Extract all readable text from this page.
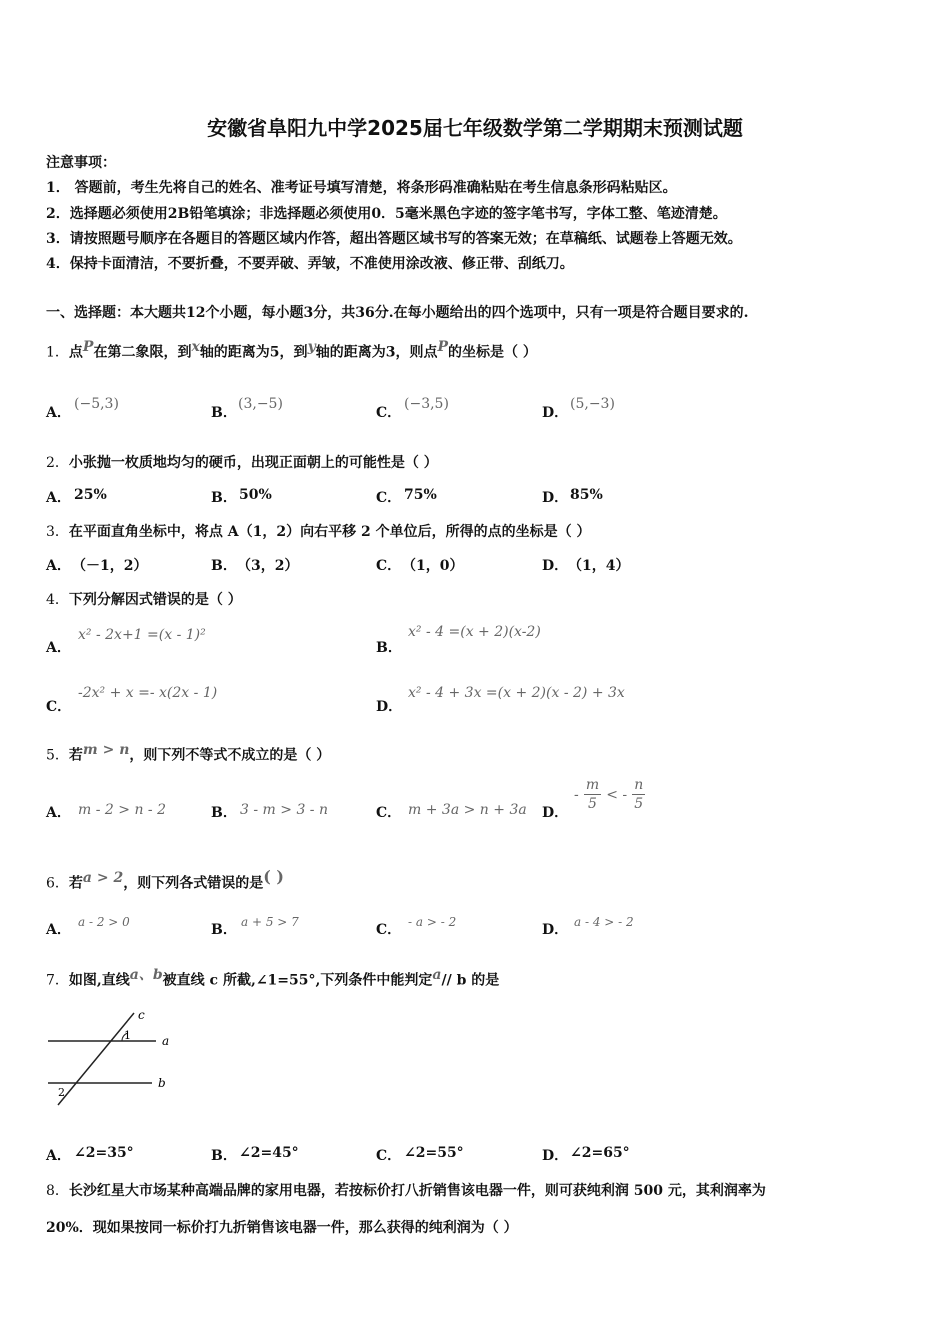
安徽省阜阳九中学2025届七年级数学第二学期期末预测试题
注意事项：
1． 答题前，考生先将自己的姓名、准考证号填写清楚，将条形码准确粘贴在考生信息条形码粘贴区。
2．选择题必须使用2B铅笔填涂；非选择题必须使用0．5毫米黑色字迹的签字笔书写，字体工整、笔迹清楚。
3．请按照题号顺序在各题目的答题区域内作答，超出答题区域书写的答案无效；在草稿纸、试题卷上答题无效。
4．保持卡面清洁，不要折叠，不要弄破、弄皱，不准使用涂改液、修正带、刮纸刀。
一、选择题：本大题共12个小题，每小题3分，共36分.在每小题给出的四个选项中，只有一项是符合题目要求的.
1．点$^P$在第二象限，到$^x$轴的距离为5，到$^y$轴的距离为3，则点$^P$的坐标是（ ）
A．
(−5,3)
B．
(3,−5)
C．
(−3,5)
D．
(5,−3)
2．小张抛一枚质地均匀的硬币，出现正面朝上的可能性是（ ）
A． 25%	B． 50%	C． 75%	D． 85%
3．在平面直角坐标中，将点 A（1，2）向右平移 2 个单位后，所得的点的坐标是（ ）
A． （－1，2）	B． （3，2）	C． （1，0）	D． （1，4）
4．下列分解因式错误的是（ ）
A．
x² - 2x+1 =(x - 1)²
B．
x² - 4 =(x + 2)(x-2)
C．
-2x² + x =- x(2x - 1)
D．
x² - 4 + 3x =(x + 2)(x - 2) + 3x
5．若$^{m > n}$，则下列不等式不成立的是（ ）
A． m - 2 > n - 2	B． 3 - m > 3 - n	C． m + 3a > n + 3a D．
- $\frac{m}{5}$ < - $\frac{n}{5}$
6．若$^{a > 2}$，则下列各式错误的是( )
A． a - 2 > 0	B． a + 5 > 7	C． - a > - 2	D． a - 4 > - 2
7．如图,直线$^{a、b}$被直线 c 所截,∠1=55°,下列条件中能判定$^a$// b 的是
c
a
b
1
2
A． ∠2=35°	B． ∠2=45°	C． ∠2=55°	D． ∠2=65°
8．长沙红星大市场某种高端品牌的家用电器，若按标价打八折销售该电器一件，则可获纯利润 500 元，其利润率为
20%．现如果按同一标价打九折销售该电器一件，那么获得的纯利润为（ ）
